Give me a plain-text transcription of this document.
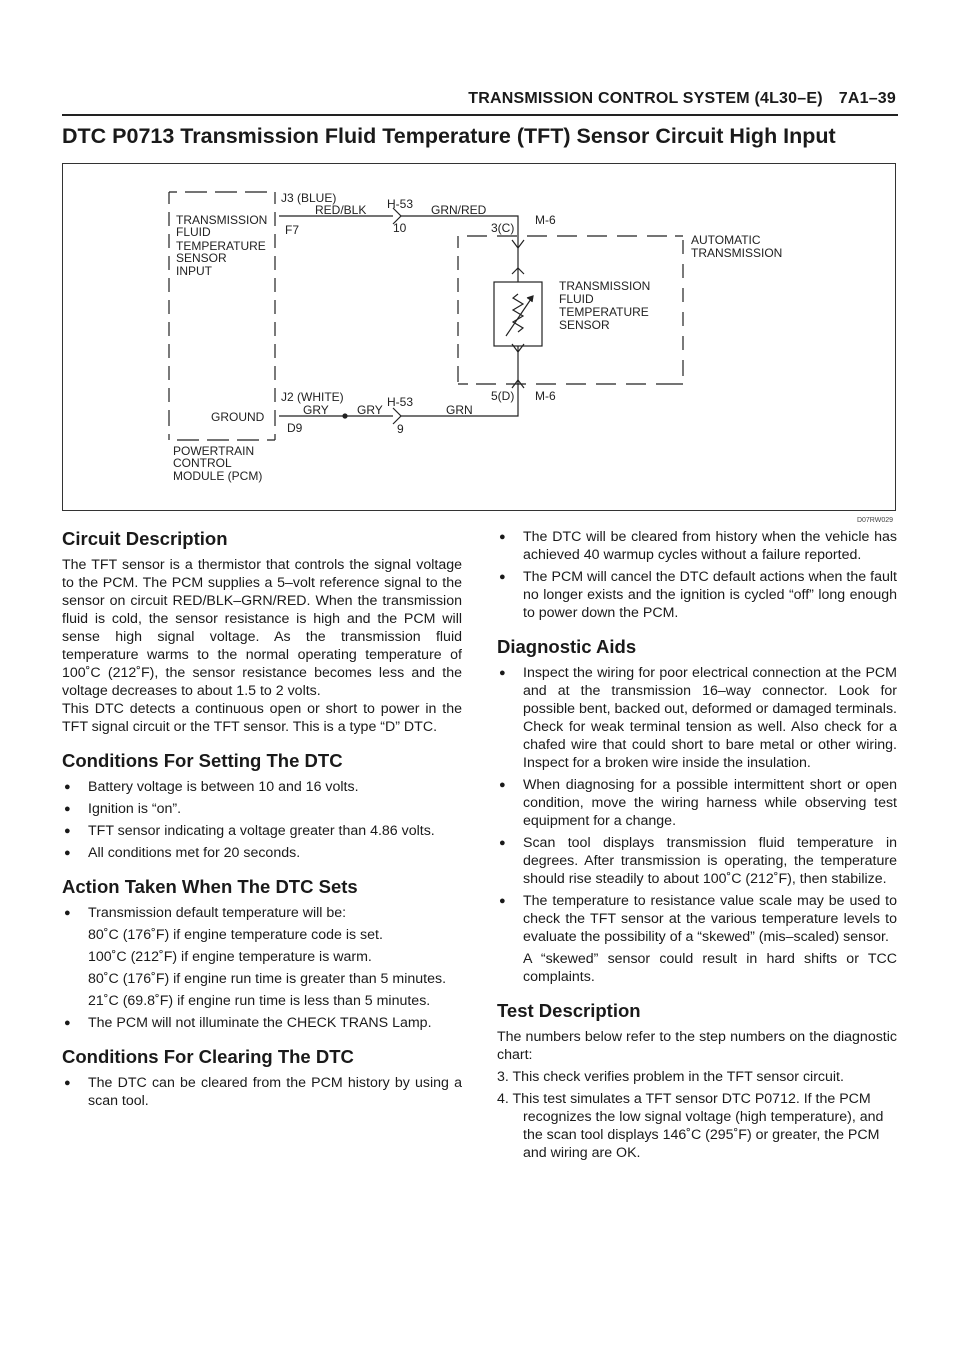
TRANSMISSION CONTROL SYSTEM (4L30–E) 7A1–39
DTC P0713 Transmission Fluid Temperature (TFT) Sensor Circuit High Input
TRANSMISSION
FLUID
TEMPERATURE
SENSOR
INPUT
GROUND
POWERTRAIN
CONTROL
MODULE (PCM)
J3 (BLUE)
F7
RED/BLK H-53
10
GRN/RED
3(C)
M-6
AUTOMATIC
TRANSMISSION
TRANSMISSION
FLUID
TEMPERATURE
SENSOR
J2 (WHITE)
D9
GRY GRY
H-53
9
GRN
5(D) M-6
D07RW029
Circuit Description

The TFT sensor is a thermistor that controls the signal voltage to the PCM. The PCM supplies a 5–volt reference signal to the sensor on circuit RED/BLK–GRN/RED. When the transmission fluid is cold, the sensor resistance is high and the PCM will sense high signal voltage. As the transmission fluid temperature warms to the normal operating temperature of 100˚C (212˚F), the sensor resistance becomes less and the voltage decreases to about 1.5 to 2 volts.

This DTC detects a continuous open or short to power in the TFT signal circuit or the TFT sensor. This is a type “D” DTC.

Conditions For Setting The DTC
● Battery voltage is between 10 and 16 volts.
● Ignition is “on”.
● TFT sensor indicating a voltage greater than 4.86 volts.
● All conditions met for 20 seconds.
Action Taken When The DTC Sets
● Transmission default temperature will be:

80˚C (176˚F) if engine temperature code is set.

100˚C (212˚F) if engine temperature is warm.

80˚C (176˚F) if engine run time is greater than 5 minutes.

21˚C (69.8˚F) if engine run time is less than 5 minutes.

● The PCM will not illuminate the CHECK TRANS Lamp.
Conditions For Clearing The DTC
● The DTC can be cleared from the PCM history by using a scan tool.
● The DTC will be cleared from history when the vehicle has achieved 40 warmup cycles without a failure reported.
● The PCM will cancel the DTC default actions when the fault no longer exists and the ignition is cycled “off” long enough to power down the PCM.
Diagnostic Aids
● Inspect the wiring for poor electrical connection at the PCM and at the transmission 16–way connector. Look for possible bent, backed out, deformed or damaged terminals. Check for weak terminal tension as well. Also check for a chafed wire that could short to bare metal or other wiring. Inspect for a broken wire inside the insulation.
● When diagnosing for a possible intermittent short or open condition, move the wiring harness while observing test equipment for a change.
● Scan tool displays transmission fluid temperature in degrees. After transmission is operating, the temperature should rise steadily to about 100˚C (212˚F), then stabilize.
● The temperature to resistance value scale may be used to check the TFT sensor at the various temperature levels to evaluate the possibility of a “skewed” (mis–scaled) sensor.

A “skewed” sensor could result in hard shifts or TCC complaints.

Test Description

The numbers below refer to the step numbers on the diagnostic chart:

3. This check verifies problem in the TFT sensor circuit.

4. This test simulates a TFT sensor DTC P0712. If the PCM recognizes the low signal voltage (high temperature), and the scan tool displays 146˚C (295˚F) or greater, the PCM and wiring are OK.
